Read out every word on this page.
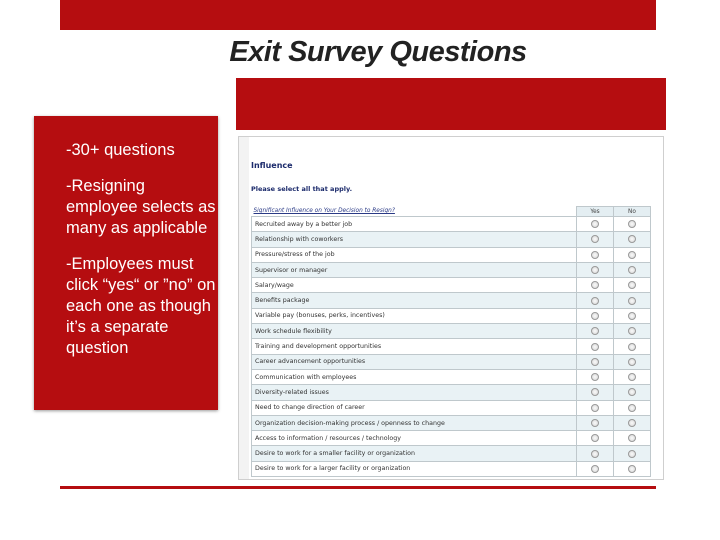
Exit Survey Questions

-30+ questions

-Resigning employee selects as many as applicable

-Employees must click “yes“ or ”no” on each one as though it’s a separate question

Influence
Please select all that apply.
Significant Influence on Your Decision to Resign?	Yes	No
Recruited away by a better job		
Relationship with coworkers		
Pressure/stress of the job		
Supervisor or manager		
Salary/wage		
Benefits package		
Variable pay (bonuses, perks, incentives)		
Work schedule flexibility		
Training and development opportunities		
Career advancement opportunities		
Communication with employees		
Diversity-related issues		
Need to change direction of career		
Organization decision-making process / openness to change		
Access to information / resources / technology		
Desire to work for a smaller facility or organization		
Desire to work for a larger facility or organization		
